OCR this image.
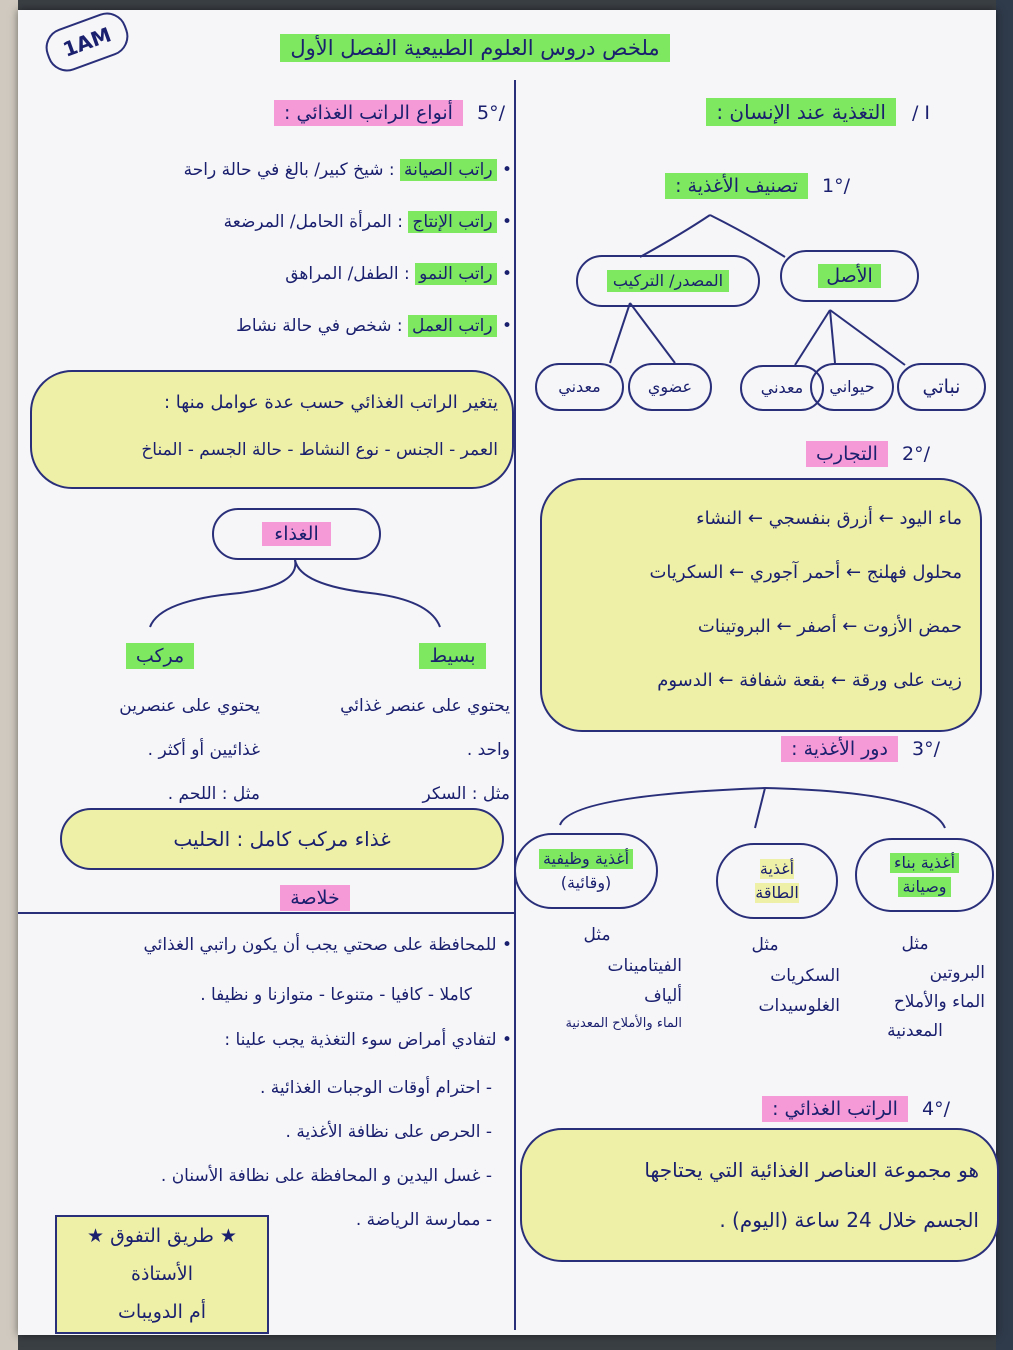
1AM	ملخص دروس العلوم الطبيعية الفصل الأول
I / التغذية عند الإنسان :
/1° تصنيف الأغذية :
الأصل
المصدر/ التركيب
نباتي
حيواني
معدني
عضوي
معدني
/2° التجارب
ماء اليود ← أزرق بنفسجي ← النشاء
محلول فهلنج ← أحمر آجوري ← السكريات
حمض الأزوت ← أصفر ← البروتينات
زيت على ورقة ← بقعة شفافة ← الدسوم
/3° دور الأغذية :
أغذية بناء
وصيانة
أغذية
الطاقة
أغذية وظيفية
(وقائية)
مثل
البروتين
الماء والأملاح
المعدنية
مثل
السكريات
الغلوسيدات
مثل
الفيتامينات
ألياف
الماء والأملاح المعدنية
/4° الراتب الغذائي :
هو مجموعة العناصر الغذائية التي يحتاجها
الجسم خلال 24 ساعة (اليوم) .
/5° أنواع الراتب الغذائي :
• راتب الصيانة : شيخ كبير/ بالغ في حالة راحة
• راتب الإنتاج : المرأة الحامل/ المرضعة
• راتب النمو : الطفل/ المراهق
• راتب العمل : شخص في حالة نشاط
يتغير الراتب الغذائي حسب عدة عوامل منها :
العمر - الجنس - نوع النشاط - حالة الجسم - المناخ
الغذاء
بسيط
مركب
يحتوي على عنصر غذائي
واحد .
مثل : السكر
يحتوي على عنصرين
غذائيين أو أكثر .
مثل : اللحم .
غذاء مركب كامل : الحليب
خلاصة
• للمحافظة على صحتي يجب أن يكون راتبي الغذائي
كاملا - كافيا - متنوعا - متوازنا و نظيفا .
• لتفادي أمراض سوء التغذية يجب علينا :
- احترام أوقات الوجبات الغذائية .
- الحرص على نظافة الأغذية .
- غسل اليدين و المحافظة على نظافة الأسنان .
- ممارسة الرياضة .
★ طريق التفوق ★
الأستاذة
أم الدويبات
